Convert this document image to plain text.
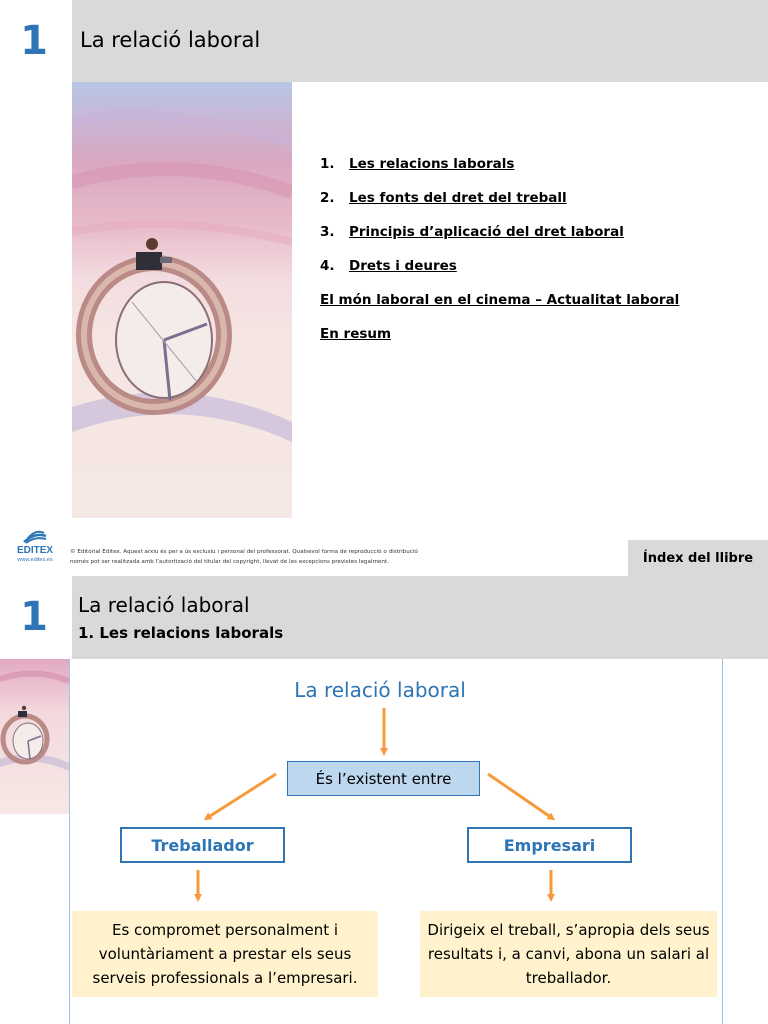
1	La relació laboral
1.	Les relacions laborals
2.	Les fonts del dret del treball
3.	Principis d’aplicació del dret laboral
4.	Drets i deures
El món laboral en el cinema – Actualitat laboral
En resum
EDITEX
www.editex.es
© Editorial Editex. Aquest arxiu és per a ús exclusiu i personal del professorat. Qualsevol forma de reproducció o distribució
només pot ser realitzada amb l’autorització del titular del copyright, llevat de les excepcions previstes legalment.	Índex del llibre
1	La relació laboral
1. Les relacions laborals
La relació laboral
És l’existent entre
Treballador	Empresari
Es compromet personalment i voluntàriament a prestar els seus serveis professionals a l’empresari.
Dirigeix el treball, s’apropia dels seus resultats i, a canvi, abona un salari al treballador.
